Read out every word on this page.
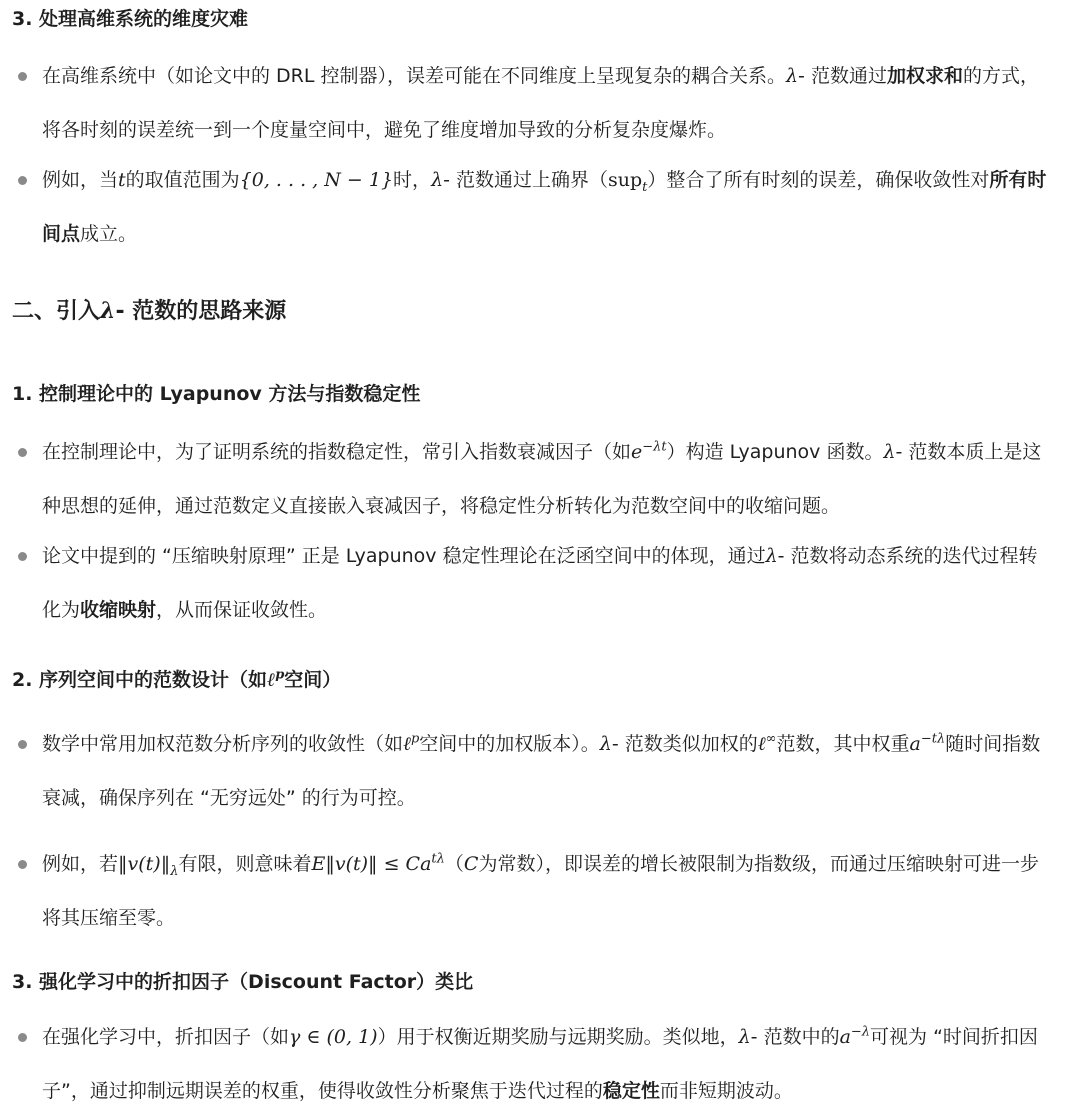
3. 处理高维系统的维度灾难
在高维系统中（如论文中的 DRL 控制器），误差可能在不同维度上呈现复杂的耦合关系。λ- 范数通过加权求和的方式，将各时刻的误差统一到一个度量空间中，避免了维度增加导致的分析复杂度爆炸。
例如，当t的取值范围为{0, . . . , N − 1}时，λ- 范数通过上确界（sup$_t$）整合了所有时刻的误差，确保收敛性对所有时间点成立。
二、引入λ- 范数的思路来源
1. 控制理论中的 Lyapunov 方法与指数稳定性
在控制理论中，为了证明系统的指数稳定性，常引入指数衰减因子（如$e^{-\lambda t}$）构造 Lyapunov 函数。λ- 范数本质上是这种思想的延伸，通过范数定义直接嵌入衰减因子，将稳定性分析转化为范数空间中的收缩问题。
论文中提到的 “压缩映射原理” 正是 Lyapunov 稳定性理论在泛函空间中的体现，通过λ- 范数将动态系统的迭代过程转化为收缩映射，从而保证收敛性。
2. 序列空间中的范数设计（如ℓ$^p$空间）
数学中常用加权范数分析序列的收敛性（如ℓ$^p$空间中的加权版本）。λ- 范数类似加权的ℓ∞范数，其中权重$a^{-t\lambda}$随时间指数衰减，确保序列在 “无穷远处” 的行为可控。
例如，若$‖v(t)‖_\lambda$有限，则意味着E‖v(t)‖ ≤ $Ca^{t\lambda}(C$为常数），即误差的增长被限制为指数级，而通过压缩映射可进一步将其压缩至零。
3. 强化学习中的折扣因子（Discount Factor）类比
在强化学习中，折扣因子（如γ ∈ (0, 1)）用于权衡近期奖励与远期奖励。类似地，λ- 范数中的$a^{-\lambda}$可视为 “时间折扣因子”，通过抑制远期误差的权重，使得收敛性分析聚焦于迭代过程的稳定性而非短期波动。
